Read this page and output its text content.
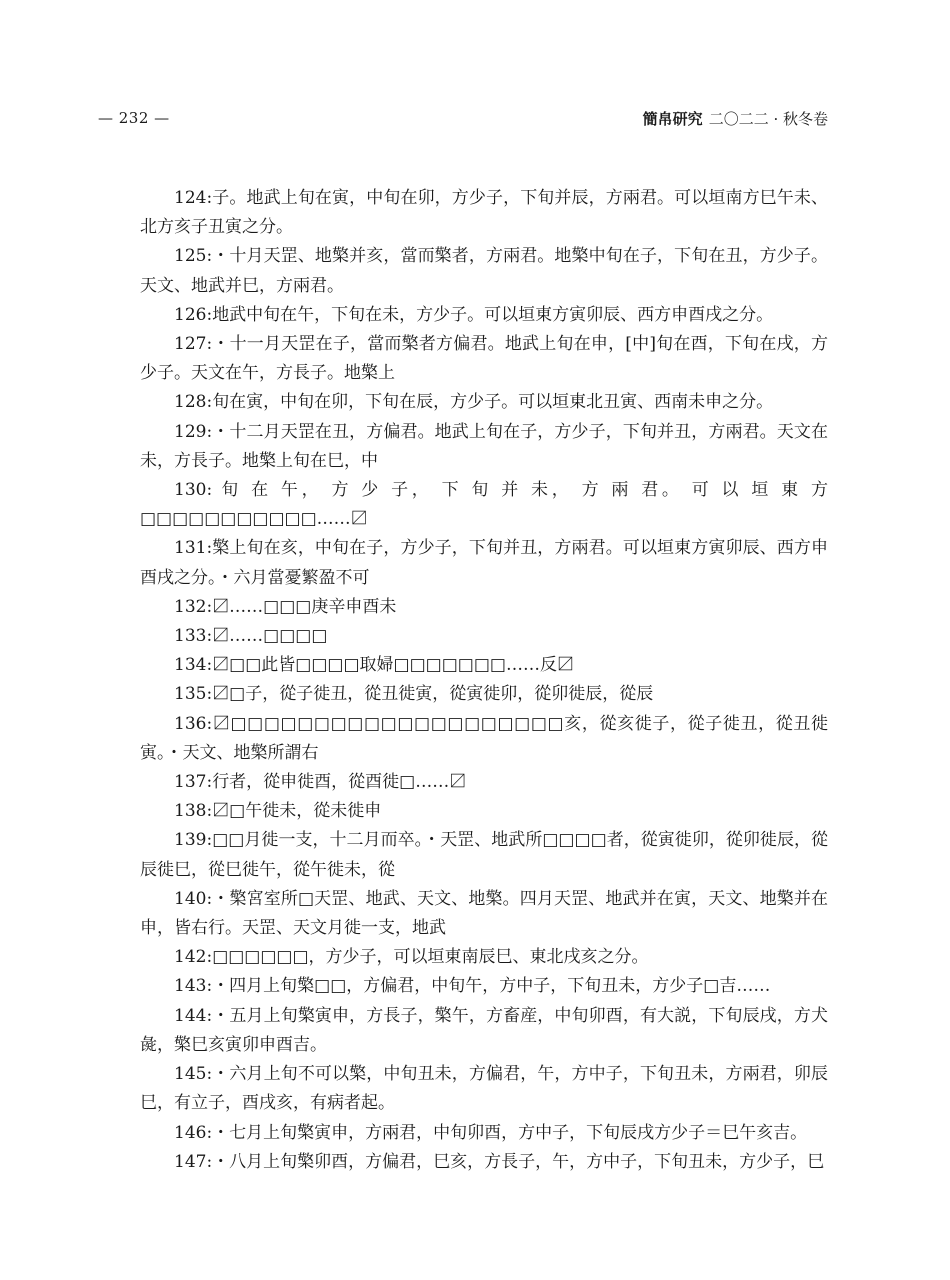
— 232 —	簡帛研究 二〇二二 · 秋冬卷

124:子。地武上旬在寅，中旬在卯，方少子，下旬并辰，方兩君。可以垣南方巳午未、北方亥子丑寅之分。

125:・十月天罡、地檠并亥，當而檠者，方兩君。地檠中旬在子，下旬在丑，方少子。天文、地武并巳，方兩君。

126:地武中旬在午，下旬在未，方少子。可以垣東方寅卯辰、西方申酉戌之分。

127:・十一月天罡在子，當而檠者方偏君。地武上旬在申，[中]旬在酉，下旬在戌，方少子。天文在午，方長子。地檠上

128:旬在寅，中旬在卯，下旬在辰，方少子。可以垣東北丑寅、西南未申之分。

129:・十二月天罡在丑，方偏君。地武上旬在子，方少子，下旬并丑，方兩君。天文在未，方長子。地檠上旬在巳，中

130: 旬 在 午， 方 少 子， 下 旬 并 未， 方 兩 君。 可 以 垣 東 方 □□□□□□□□□□□……〼

131:檠上旬在亥，中旬在子，方少子，下旬并丑，方兩君。可以垣東方寅卯辰、西方申酉戌之分。・六月當憂繁盈不可

132:〼……□□□庚辛申酉未

133:〼……□□□□

134:〼□□此皆□□□□取婦□□□□□□□……反〼

135:〼□子，從子徙丑，從丑徙寅，從寅徙卯，從卯徙辰，從辰

136:〼□□□□□□□□□□□□□□□□□□□□亥，從亥徙子，從子徙丑，從丑徙寅。・天文、地檠所謂右

137:行者，從申徙酉，從酉徙□……〼

138:〼□午徙未，從未徙申

139:□□月徙一支，十二月而卒。・天罡、地武所□□□□者，從寅徙卯，從卯徙辰，從辰徙巳，從巳徙午，從午徙未，從

140:・檠宮室所□天罡、地武、天文、地檠。四月天罡、地武并在寅，天文、地檠并在申，皆右行。天罡、天文月徙一支，地武

142:□□□□□□，方少子，可以垣東南辰巳、東北戌亥之分。

143:・四月上旬檠□□，方偏君，中旬午，方中子，下旬丑未，方少子□吉……

144:・五月上旬檠寅申，方長子，檠午，方畜産，中旬卯酉，有大説，下旬辰戌，方犬彘，檠巳亥寅卯申酉吉。

145:・六月上旬不可以檠，中旬丑未，方偏君，午，方中子，下旬丑未，方兩君，卯辰巳，有立子，酉戌亥，有病者起。

146:・七月上旬檠寅申，方兩君，中旬卯酉，方中子，下旬辰戌方少子＝巳午亥吉。

147:・八月上旬檠卯酉，方偏君，巳亥，方長子，午，方中子，下旬丑未，方少子，巳
